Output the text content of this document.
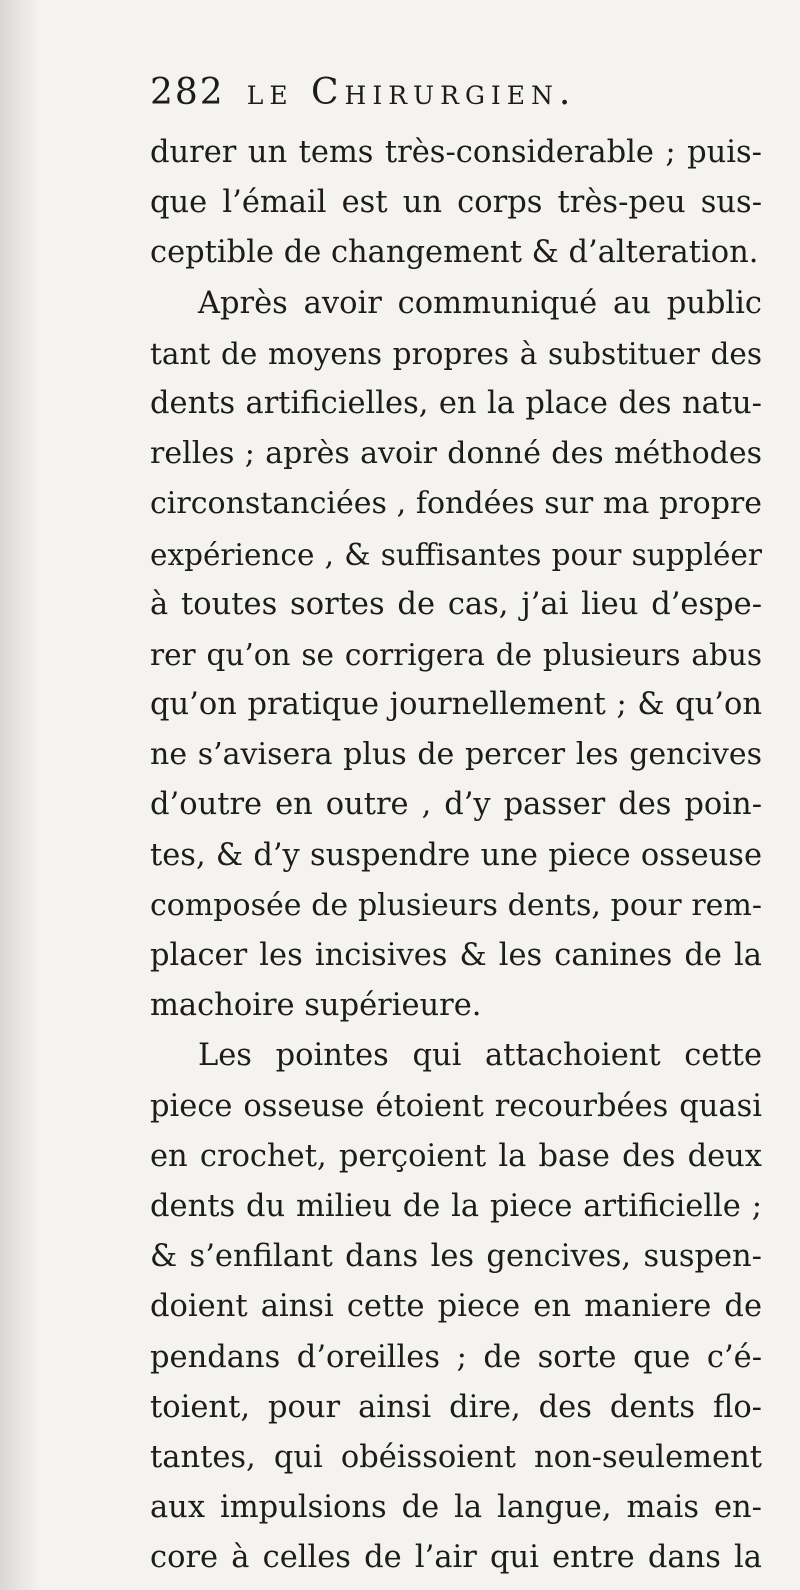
282 le Chirurgien.
durer un tems très-considerable ; puis-
que l’émail est un corps très-peu sus-
ceptible de changement & d’alteration.
Après avoir communiqué au public
tant de moyens propres à substituer des
dents artificielles, en la place des natu-
relles ; après avoir donné des méthodes
circonstanciées , fondées sur ma propre
expérience , & suffisantes pour suppléer
à toutes sortes de cas, j’ai lieu d’espe-
rer qu’on se corrigera de plusieurs abus
qu’on pratique journellement ; & qu’on
ne s’avisera plus de percer les gencives
d’outre en outre , d’y passer des poin-
tes, & d’y suspendre une piece osseuse
composée de plusieurs dents, pour rem-
placer les incisives & les canines de la
machoire supérieure.
Les pointes qui attachoient cette
piece osseuse étoient recourbées quasi
en crochet, perçoient la base des deux
dents du milieu de la piece artificielle ;
& s’enfilant dans les gencives, suspen-
doient ainsi cette piece en maniere de
pendans d’oreilles ; de sorte que c’é-
toient, pour ainsi dire, des dents flo-
tantes, qui obéissoient non-seulement
aux impulsions de la langue, mais en-
core à celles de l’air qui entre dans la
